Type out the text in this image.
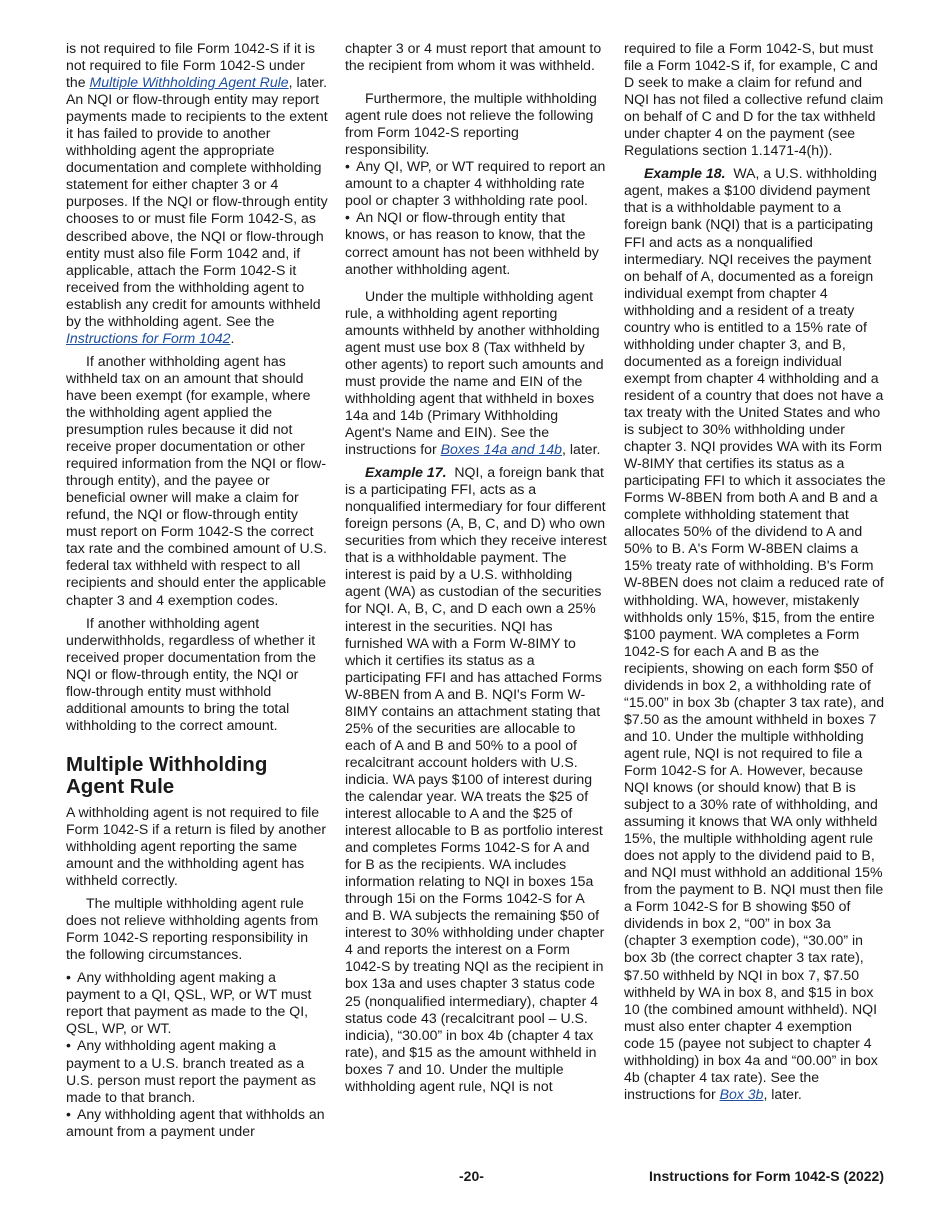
is not required to file Form 1042-S if it is not required to file Form 1042-S under the Multiple Withholding Agent Rule, later. An NQI or flow-through entity may report payments made to recipients to the extent it has failed to provide to another withholding agent the appropriate documentation and complete withholding statement for either chapter 3 or 4 purposes. If the NQI or flow-through entity chooses to or must file Form 1042-S, as described above, the NQI or flow-through entity must also file Form 1042 and, if applicable, attach the Form 1042-S it received from the withholding agent to establish any credit for amounts withheld by the withholding agent. See the Instructions for Form 1042.

If another withholding agent has withheld tax on an amount that should have been exempt (for example, where the withholding agent applied the presumption rules because it did not receive proper documentation or other required information from the NQI or flow-through entity), and the payee or beneficial owner will make a claim for refund, the NQI or flow-through entity must report on Form 1042-S the correct tax rate and the combined amount of U.S. federal tax withheld with respect to all recipients and should enter the applicable chapter 3 and 4 exemption codes.

If another withholding agent underwithholds, regardless of whether it received proper documentation from the NQI or flow-through entity, the NQI or flow-through entity must withhold additional amounts to bring the total withholding to the correct amount.

Multiple Withholding Agent Rule

A withholding agent is not required to file Form 1042-S if a return is filed by another withholding agent reporting the same amount and the withholding agent has withheld correctly.

The multiple withholding agent rule does not relieve withholding agents from Form 1042-S reporting responsibility in the following circumstances.

• Any withholding agent making a payment to a QI, QSL, WP, or WT must report that payment as made to the QI, QSL, WP, or WT.

• Any withholding agent making a payment to a U.S. branch treated as a U.S. person must report the payment as made to that branch.

• Any withholding agent that withholds an amount from a payment under

chapter 3 or 4 must report that amount to the recipient from whom it was withheld.

Furthermore, the multiple withholding agent rule does not relieve the following from Form 1042-S reporting responsibility.

• Any QI, WP, or WT required to report an amount to a chapter 4 withholding rate pool or chapter 3 withholding rate pool.

• An NQI or flow-through entity that knows, or has reason to know, that the correct amount has not been withheld by another withholding agent.

Under the multiple withholding agent rule, a withholding agent reporting amounts withheld by another withholding agent must use box 8 (Tax withheld by other agents) to report such amounts and must provide the name and EIN of the withholding agent that withheld in boxes 14a and 14b (Primary Withholding Agent's Name and EIN). See the instructions for Boxes 14a and 14b, later.

Example 17. NQI, a foreign bank that is a participating FFI, acts as a nonqualified intermediary for four different foreign persons (A, B, C, and D) who own securities from which they receive interest that is a withholdable payment. The interest is paid by a U.S. withholding agent (WA) as custodian of the securities for NQI. A, B, C, and D each own a 25% interest in the securities. NQI has furnished WA with a Form W-8IMY to which it certifies its status as a participating FFI and has attached Forms W-8BEN from A and B. NQI's Form W-8IMY contains an attachment stating that 25% of the securities are allocable to each of A and B and 50% to a pool of recalcitrant account holders with U.S. indicia. WA pays $100 of interest during the calendar year. WA treats the $25 of interest allocable to A and the $25 of interest allocable to B as portfolio interest and completes Forms 1042-S for A and for B as the recipients. WA includes information relating to NQI in boxes 15a through 15i on the Forms 1042-S for A and B. WA subjects the remaining $50 of interest to 30% withholding under chapter 4 and reports the interest on a Form 1042-S by treating NQI as the recipient in box 13a and uses chapter 3 status code 25 (nonqualified intermediary), chapter 4 status code 43 (recalcitrant pool – U.S. indicia), “30.00” in box 4b (chapter 4 tax rate), and $15 as the amount withheld in boxes 7 and 10. Under the multiple withholding agent rule, NQI is not

required to file a Form 1042-S, but must file a Form 1042-S if, for example, C and D seek to make a claim for refund and NQI has not filed a collective refund claim on behalf of C and D for the tax withheld under chapter 4 on the payment (see Regulations section 1.1471-4(h)).

Example 18. WA, a U.S. withholding agent, makes a $100 dividend payment that is a withholdable payment to a foreign bank (NQI) that is a participating FFI and acts as a nonqualified intermediary. NQI receives the payment on behalf of A, documented as a foreign individual exempt from chapter 4 withholding and a resident of a treaty country who is entitled to a 15% rate of withholding under chapter 3, and B, documented as a foreign individual exempt from chapter 4 withholding and a resident of a country that does not have a tax treaty with the United States and who is subject to 30% withholding under chapter 3. NQI provides WA with its Form W-8IMY that certifies its status as a participating FFI to which it associates the Forms W-8BEN from both A and B and a complete withholding statement that allocates 50% of the dividend to A and 50% to B. A's Form W-8BEN claims a 15% treaty rate of withholding. B's Form W-8BEN does not claim a reduced rate of withholding. WA, however, mistakenly withholds only 15%, $15, from the entire $100 payment. WA completes a Form 1042-S for each A and B as the recipients, showing on each form $50 of dividends in box 2, a withholding rate of “15.00” in box 3b (chapter 3 tax rate), and $7.50 as the amount withheld in boxes 7 and 10. Under the multiple withholding agent rule, NQI is not required to file a Form 1042-S for A. However, because NQI knows (or should know) that B is subject to a 30% rate of withholding, and assuming it knows that WA only withheld 15%, the multiple withholding agent rule does not apply to the dividend paid to B, and NQI must withhold an additional 15% from the payment to B. NQI must then file a Form 1042-S for B showing $50 of dividends in box 2, “00” in box 3a (chapter 3 exemption code), “30.00” in box 3b (the correct chapter 3 tax rate), $7.50 withheld by NQI in box 7, $7.50 withheld by WA in box 8, and $15 in box 10 (the combined amount withheld). NQI must also enter chapter 4 exemption code 15 (payee not subject to chapter 4 withholding) in box 4a and “00.00” in box 4b (chapter 4 tax rate). See the instructions for Box 3b, later.

-20-	Instructions for Form 1042-S (2022)
